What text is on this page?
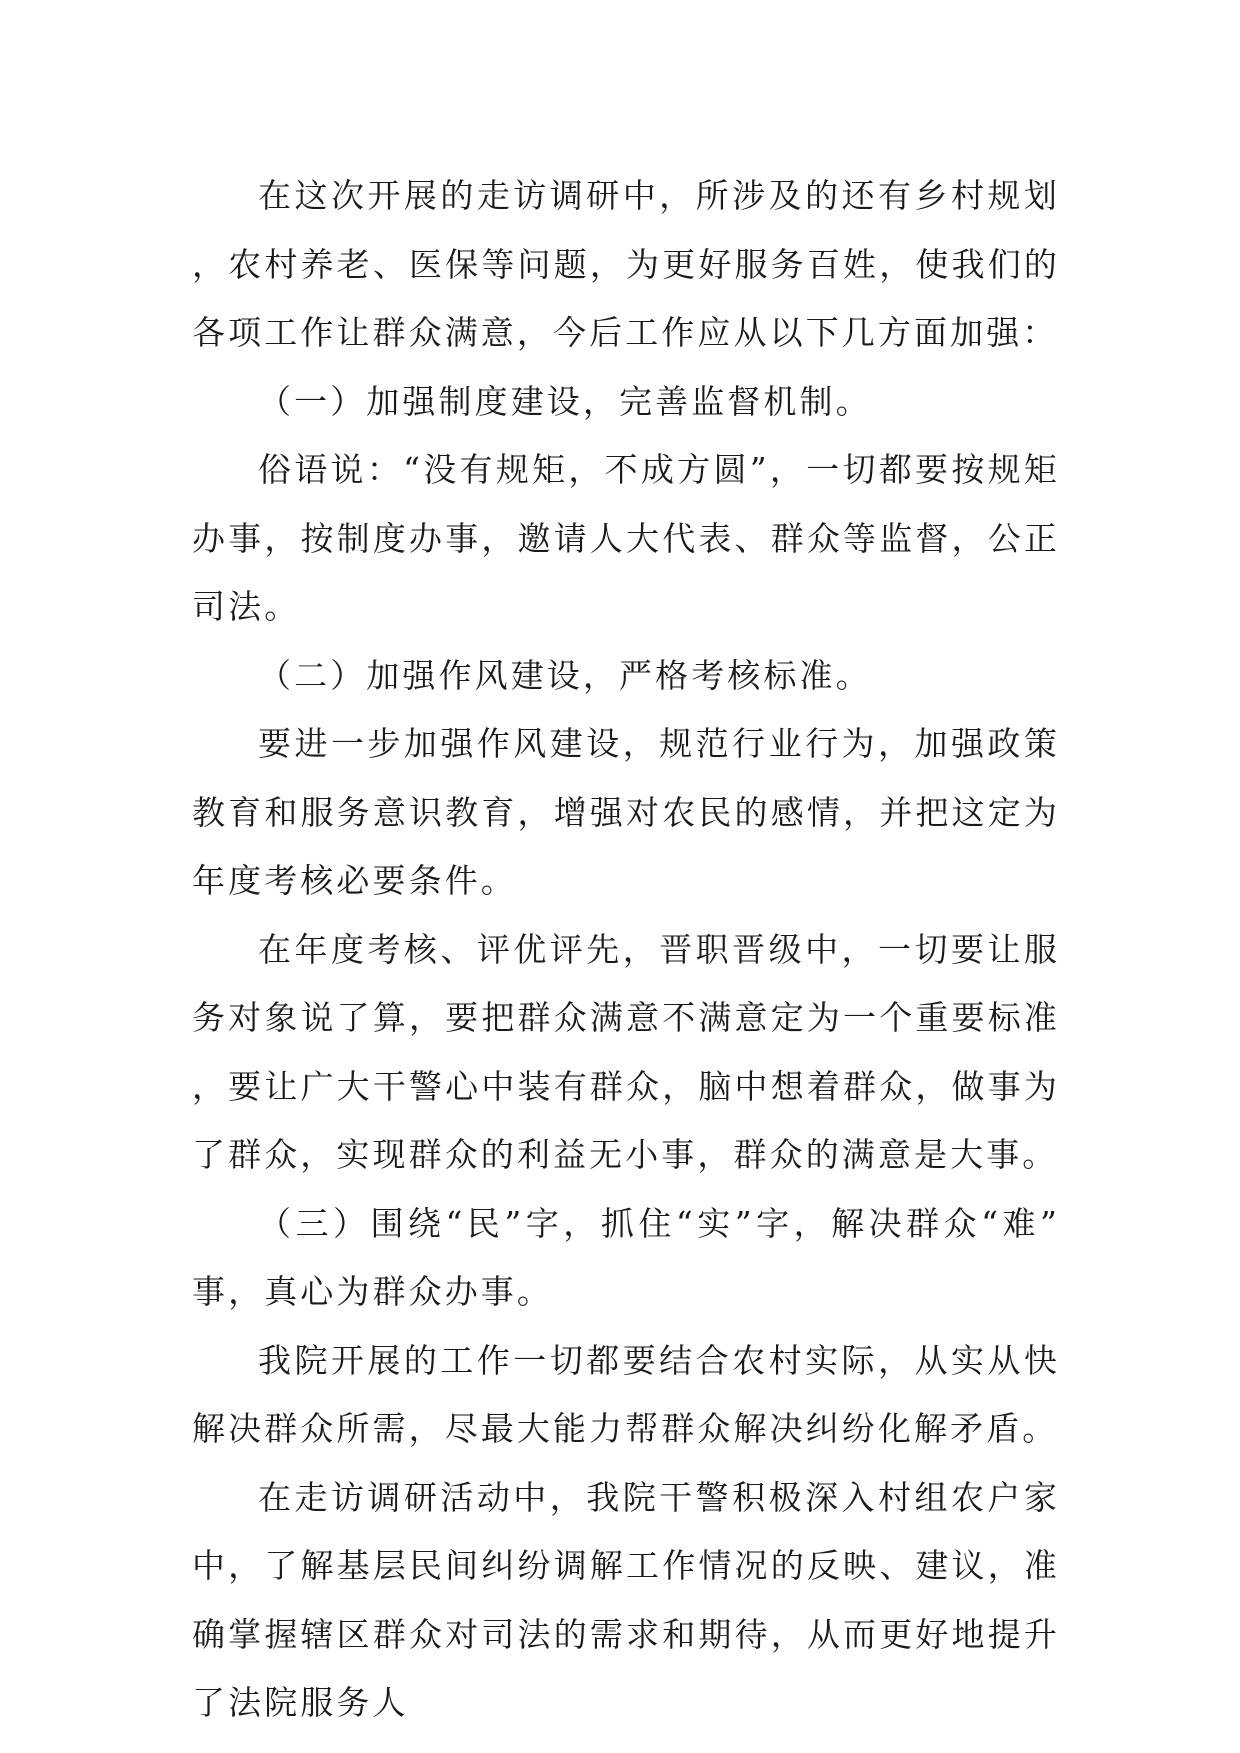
在这次开展的走访调研中，所涉及的还有乡村规划，农村养老、医保等问题，为更好服务百姓，使我们的各项工作让群众满意，今后工作应从以下几方面加强：

（一）加强制度建设，完善监督机制。

俗语说：“没有规矩，不成方圆”，一切都要按规矩办事，按制度办事，邀请人大代表、群众等监督，公正司法。

（二）加强作风建设，严格考核标准。

要进一步加强作风建设，规范行业行为，加强政策教育和服务意识教育，增强对农民的感情，并把这定为年度考核必要条件。

在年度考核、评优评先，晋职晋级中，一切要让服务对象说了算，要把群众满意不满意定为一个重要标准，要让广大干警心中装有群众，脑中想着群众，做事为了群众，实现群众的利益无小事，群众的满意是大事。

（三）围绕“民”字，抓住“实”字，解决群众“难”事，真心为群众办事。

我院开展的工作一切都要结合农村实际，从实从快解决群众所需，尽最大能力帮群众解决纠纷化解矛盾。

在走访调研活动中，我院干警积极深入村组农户家中，了解基层民间纠纷调解工作情况的反映、建议，准确掌握辖区群众对司法的需求和期待，从而更好地提升了法院服务人
